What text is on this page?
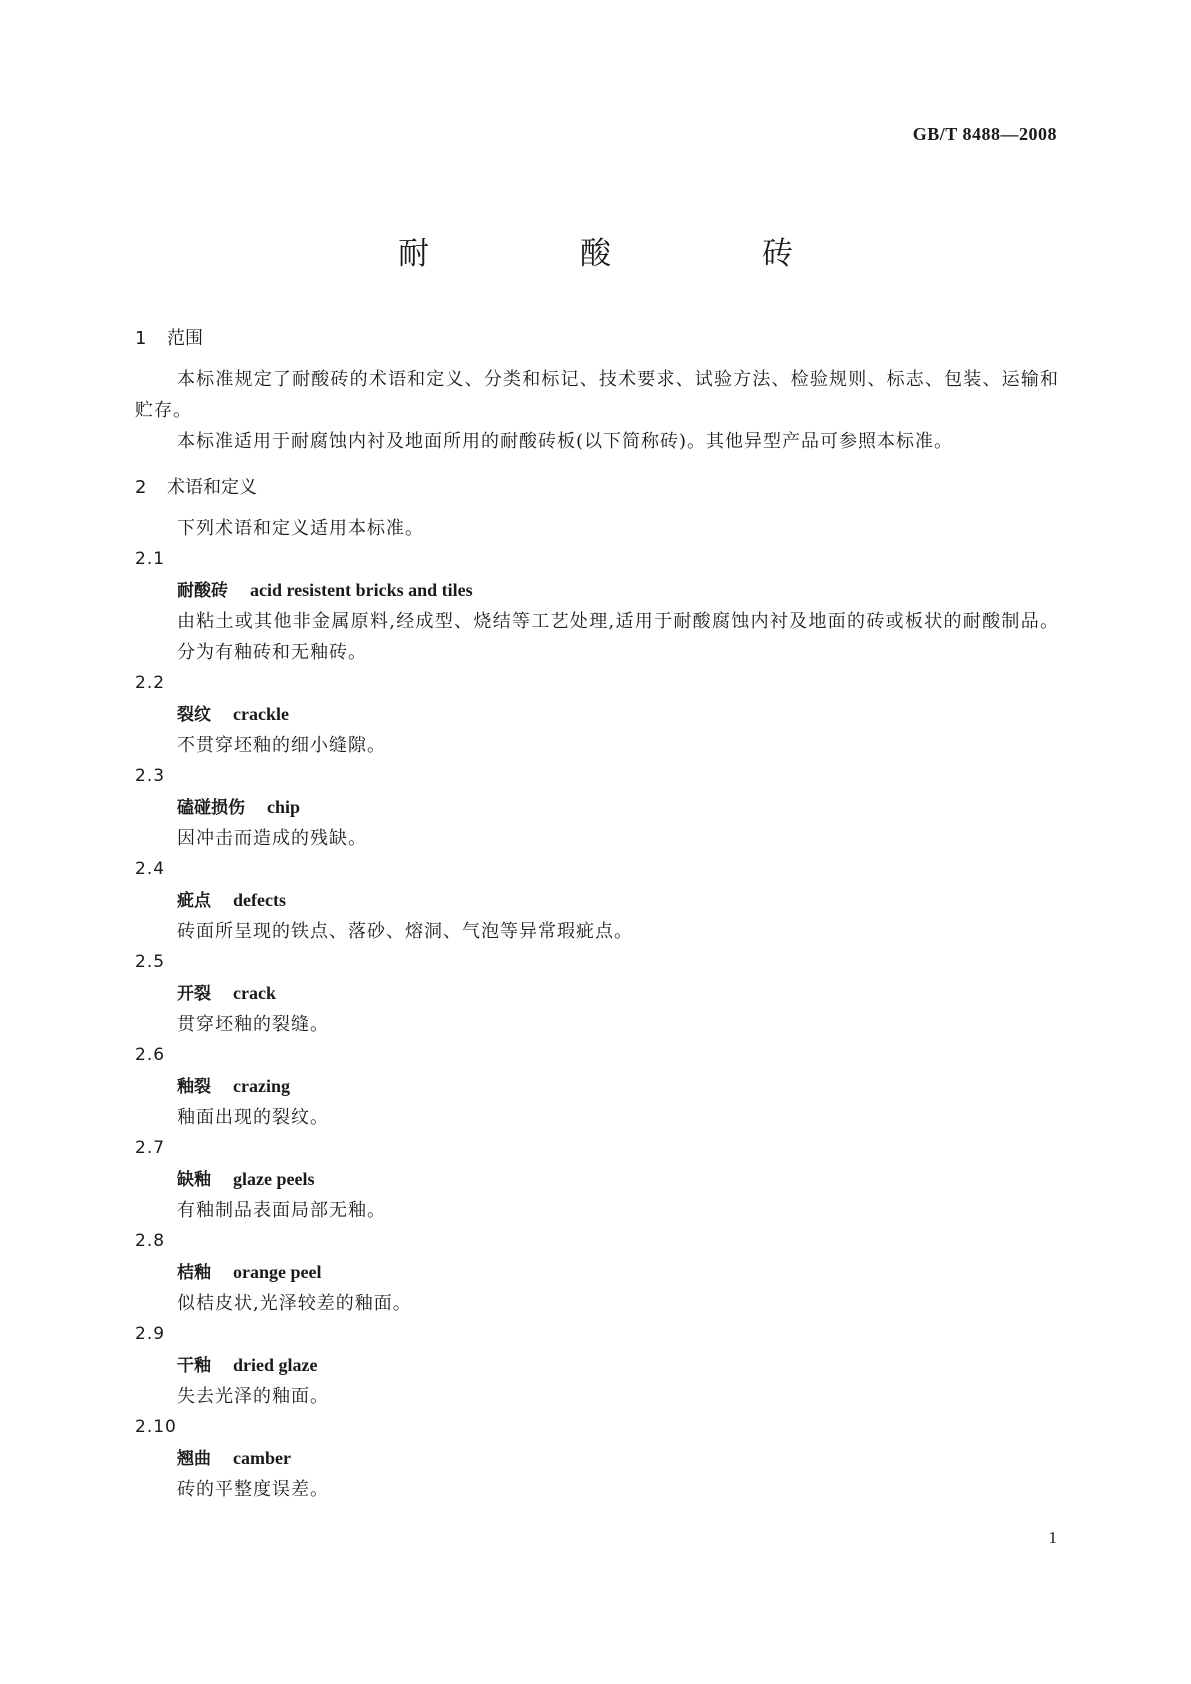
GB/T 8488—2008
耐　酸　砖
1 范围
本标准规定了耐酸砖的术语和定义、分类和标记、技术要求、试验方法、检验规则、标志、包装、运输和贮存。
本标准适用于耐腐蚀内衬及地面所用的耐酸砖板(以下简称砖)。其他异型产品可参照本标准。
2 术语和定义
下列术语和定义适用本标准。
2.1
耐酸砖 acid resistent bricks and tiles
由粘土或其他非金属原料,经成型、烧结等工艺处理,适用于耐酸腐蚀内衬及地面的砖或板状的耐酸制品。分为有釉砖和无釉砖。
2.2
裂纹 crackle
不贯穿坯釉的细小缝隙。
2.3
磕碰损伤 chip
因冲击而造成的残缺。
2.4
疵点 defects
砖面所呈现的铁点、落砂、熔洞、气泡等异常瑕疵点。
2.5
开裂 crack
贯穿坯釉的裂缝。
2.6
釉裂 crazing
釉面出现的裂纹。
2.7
缺釉 glaze peels
有釉制品表面局部无釉。
2.8
桔釉 orange peel
似桔皮状,光泽较差的釉面。
2.9
干釉 dried glaze
失去光泽的釉面。
2.10
翘曲 camber
砖的平整度误差。
1
